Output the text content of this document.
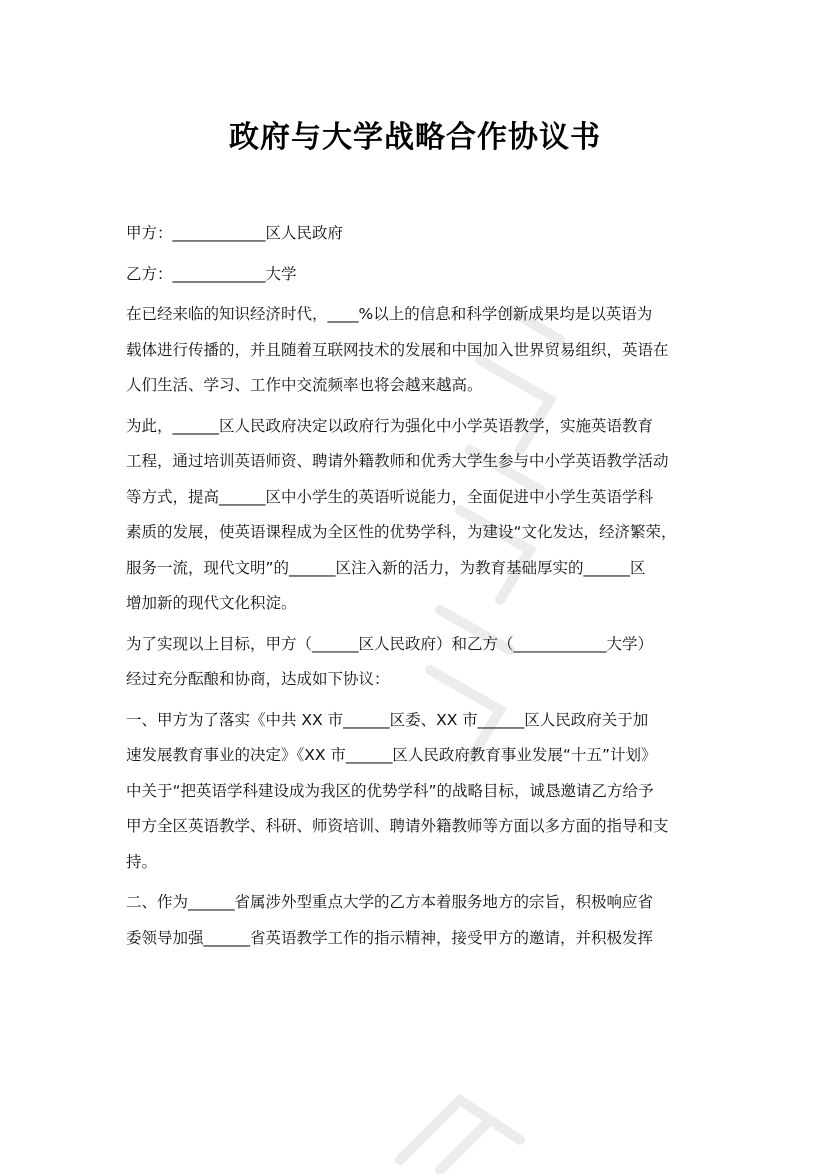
政府与大学战略合作协议书
甲方：____________区人民政府
乙方：____________大学
在已经来临的知识经济时代，____%以上的信息和科学创新成果均是以英语为
载体进行传播的，并且随着互联网技术的发展和中国加入世界贸易组织，英语在
人们生活、学习、工作中交流频率也将会越来越高。
为此，______区人民政府决定以政府行为强化中小学英语教学，实施英语教育
工程，通过培训英语师资、聘请外籍教师和优秀大学生参与中小学英语教学活动
等方式，提高______区中小学生的英语听说能力，全面促进中小学生英语学科
素质的发展，使英语课程成为全区性的优势学科，为建设“文化发达，经济繁荣，
服务一流，现代文明”的______区注入新的活力，为教育基础厚实的______区
增加新的现代文化积淀。
为了实现以上目标，甲方（______区人民政府）和乙方（____________大学）
经过充分酝酿和协商，达成如下协议：
一、甲方为了落实《中共 XX 市______区委、XX 市______区人民政府关于加
速发展教育事业的决定》《XX 市______区人民政府教育事业发展“十五”计划》
中关于“把英语学科建设成为我区的优势学科”的战略目标，诚恳邀请乙方给予
甲方全区英语教学、科研、师资培训、聘请外籍教师等方面以多方面的指导和支
持。
二、作为______省属涉外型重点大学的乙方本着服务地方的宗旨，积极响应省
委领导加强______省英语教学工作的指示精神，接受甲方的邀请，并积极发挥
